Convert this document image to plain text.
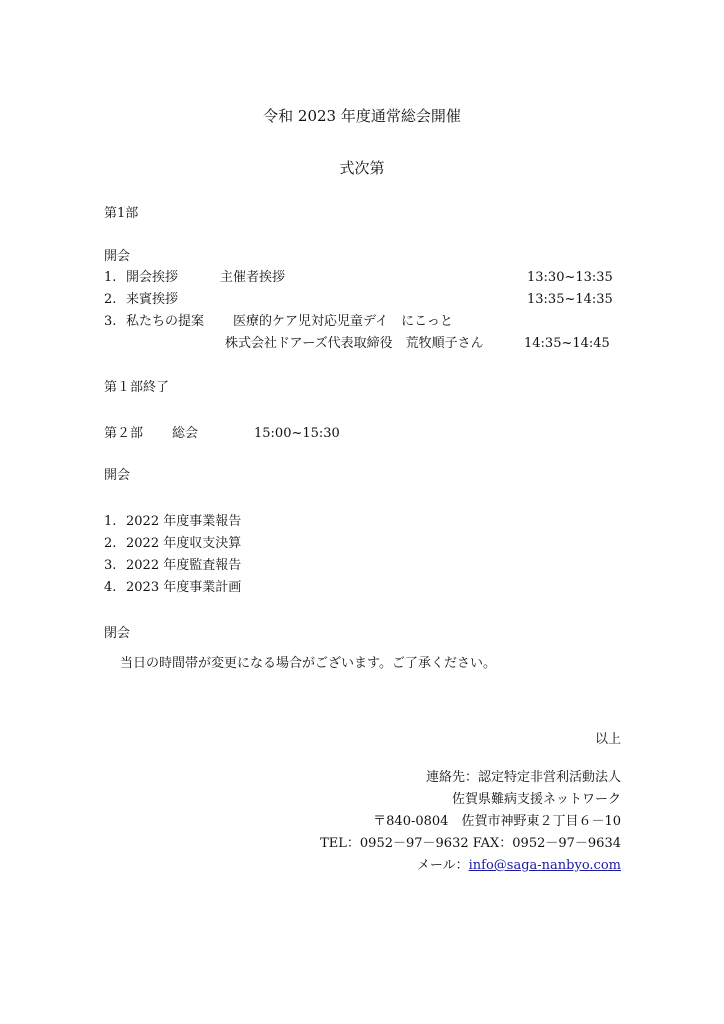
令和 2023 年度通常総会開催
式次第
第1部
開会
1. 開会挨拶	主催者挨拶	13:30~13:35
2. 来賓挨拶	13:35~14:35
3. 私たちの提案 医療的ケア児対応児童デイ　にこっと
株式会社ドアーズ代表取締役　荒牧順子さん	14:35~14:45
第１部終了
第２部 総会	15:00~15:30
開会
1. 2022 年度事業報告
2. 2022 年度収支決算
3. 2022 年度監査報告
4. 2023 年度事業計画
閉会
当日の時間帯が変更になる場合がございます。ご了承ください。
以上
連絡先：認定特定非営利活動法人
佐賀県難病支援ネットワーク
〒840-0804　佐賀市神野東２丁目６－10
TEL：0952－97－9632 FAX：0952－97－9634
メール：info@saga-nanbyo.com
